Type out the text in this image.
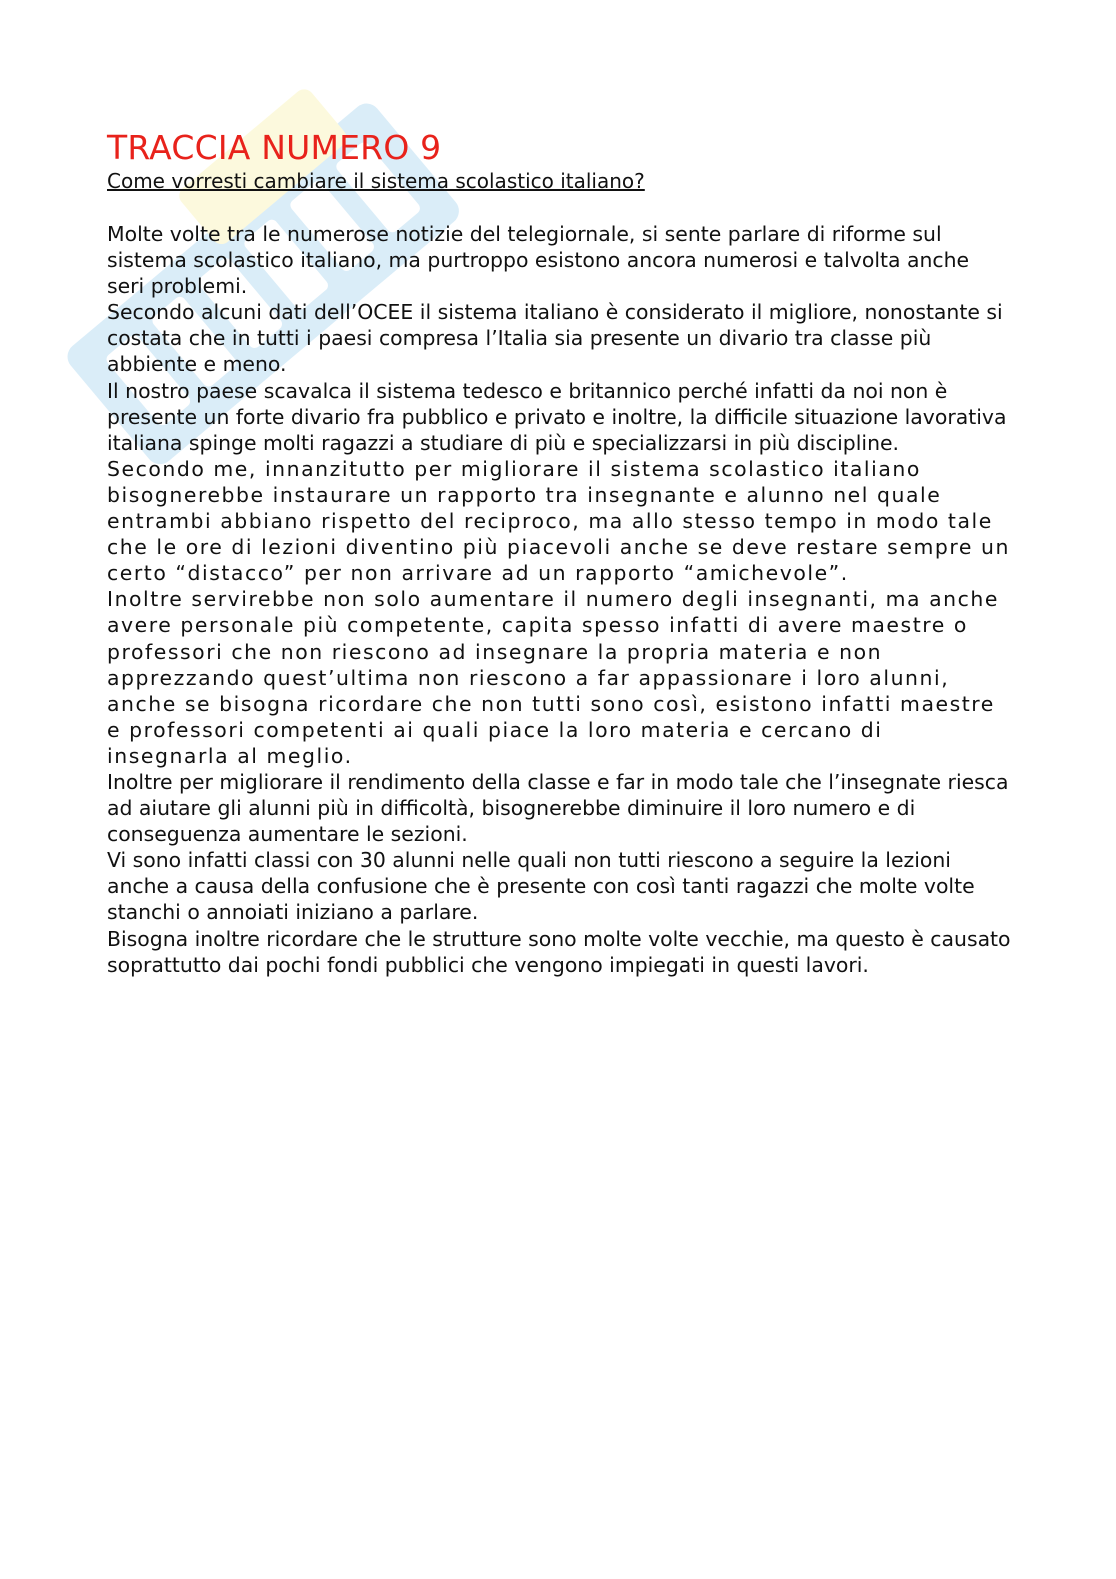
TRACCIA NUMERO 9
Come vorresti cambiare il sistema scolastico italiano?

Molte volte tra le numerose notizie del telegiornale, si sente parlare di riforme sul sistema scolastico italiano, ma purtroppo esistono ancora numerosi e talvolta anche seri problemi.

Secondo alcuni dati dell’OCEE il sistema italiano è considerato il migliore, nonostante si costata che in tutti i paesi compresa l’Italia sia presente un divario tra classe più abbiente e meno.

Il nostro paese scavalca il sistema tedesco e britannico perché infatti da noi non è presente un forte divario fra pubblico e privato e inoltre, la difficile situazione lavorativa italiana spinge molti ragazzi a studiare di più e specializzarsi in più discipline.

Secondo me, innanzitutto per migliorare il sistema scolastico italiano bisognerebbe instaurare un rapporto tra insegnante e alunno nel quale entrambi abbiano rispetto del reciproco, ma allo stesso tempo in modo tale che le ore di lezioni diventino più piacevoli anche se deve restare sempre un certo “distacco” per non arrivare ad un rapporto “amichevole”.

Inoltre servirebbe non solo aumentare il numero degli insegnanti, ma anche avere personale più competente, capita spesso infatti di avere maestre o professori che non riescono ad insegnare la propria materia e non apprezzando quest’ultima non riescono a far appassionare i loro alunni, anche se bisogna ricordare che non tutti sono così, esistono infatti maestre e professori competenti ai quali piace la loro materia e cercano di insegnarla al meglio.

Inoltre per migliorare il rendimento della classe e far in modo tale che l’insegnate riesca ad aiutare gli alunni più in difficoltà, bisognerebbe diminuire il loro numero e di conseguenza aumentare le sezioni.

Vi sono infatti classi con 30 alunni nelle quali non tutti riescono a seguire la lezioni anche a causa della confusione che è presente con così tanti ragazzi che molte volte stanchi o annoiati iniziano a parlare.

Bisogna inoltre ricordare che le strutture sono molte volte vecchie, ma questo è causato soprattutto dai pochi fondi pubblici che vengono impiegati in questi lavori.
